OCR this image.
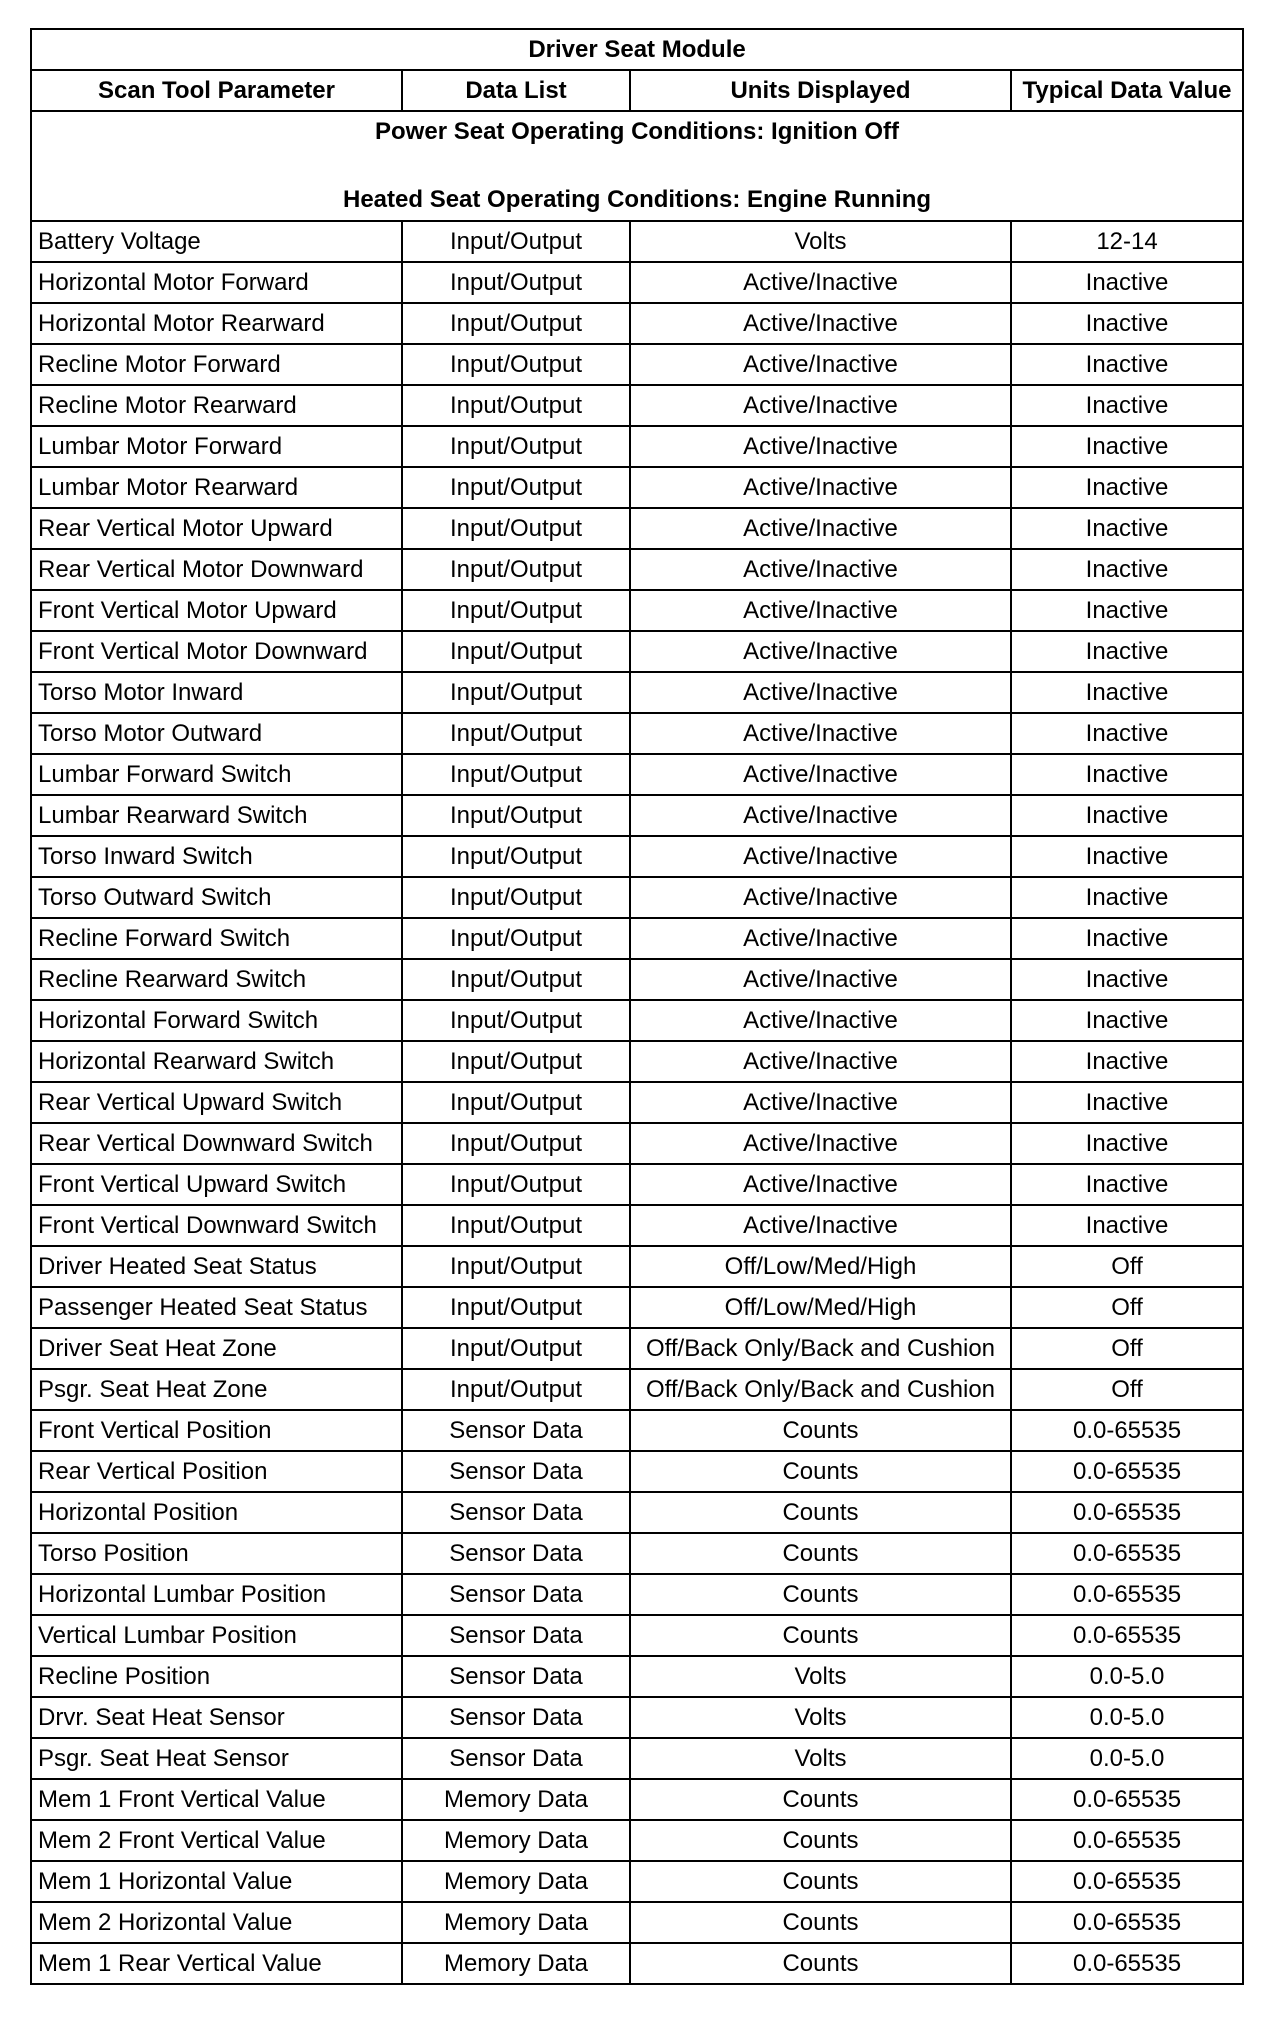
Driver Seat Module			
Scan Tool Parameter	Data List	Units Displayed	Typical Data Value

Power Seat Operating Conditions: Ignition Off
Heated Seat Operating Conditions: Engine Running			

Battery Voltage	Input/Output	Volts	12-14
Horizontal Motor Forward	Input/Output	Active/Inactive	Inactive
Horizontal Motor Rearward	Input/Output	Active/Inactive	Inactive
Recline Motor Forward	Input/Output	Active/Inactive	Inactive
Recline Motor Rearward	Input/Output	Active/Inactive	Inactive
Lumbar Motor Forward	Input/Output	Active/Inactive	Inactive
Lumbar Motor Rearward	Input/Output	Active/Inactive	Inactive
Rear Vertical Motor Upward	Input/Output	Active/Inactive	Inactive
Rear Vertical Motor Downward	Input/Output	Active/Inactive	Inactive
Front Vertical Motor Upward	Input/Output	Active/Inactive	Inactive
Front Vertical Motor Downward	Input/Output	Active/Inactive	Inactive
Torso Motor Inward	Input/Output	Active/Inactive	Inactive
Torso Motor Outward	Input/Output	Active/Inactive	Inactive
Lumbar Forward Switch	Input/Output	Active/Inactive	Inactive
Lumbar Rearward Switch	Input/Output	Active/Inactive	Inactive
Torso Inward Switch	Input/Output	Active/Inactive	Inactive
Torso Outward Switch	Input/Output	Active/Inactive	Inactive
Recline Forward Switch	Input/Output	Active/Inactive	Inactive
Recline Rearward Switch	Input/Output	Active/Inactive	Inactive
Horizontal Forward Switch	Input/Output	Active/Inactive	Inactive
Horizontal Rearward Switch	Input/Output	Active/Inactive	Inactive
Rear Vertical Upward Switch	Input/Output	Active/Inactive	Inactive
Rear Vertical Downward Switch	Input/Output	Active/Inactive	Inactive
Front Vertical Upward Switch	Input/Output	Active/Inactive	Inactive
Front Vertical Downward Switch	Input/Output	Active/Inactive	Inactive
Driver Heated Seat Status	Input/Output	Off/Low/Med/High	Off
Passenger Heated Seat Status	Input/Output	Off/Low/Med/High	Off
Driver Seat Heat Zone	Input/Output	Off/Back Only/Back and Cushion	Off
Psgr. Seat Heat Zone	Input/Output	Off/Back Only/Back and Cushion	Off
Front Vertical Position	Sensor Data	Counts	0.0-65535
Rear Vertical Position	Sensor Data	Counts	0.0-65535
Horizontal Position	Sensor Data	Counts	0.0-65535
Torso Position	Sensor Data	Counts	0.0-65535
Horizontal Lumbar Position	Sensor Data	Counts	0.0-65535
Vertical Lumbar Position	Sensor Data	Counts	0.0-65535
Recline Position	Sensor Data	Volts	0.0-5.0
Drvr. Seat Heat Sensor	Sensor Data	Volts	0.0-5.0
Psgr. Seat Heat Sensor	Sensor Data	Volts	0.0-5.0
Mem 1 Front Vertical Value	Memory Data	Counts	0.0-65535
Mem 2 Front Vertical Value	Memory Data	Counts	0.0-65535
Mem 1 Horizontal Value	Memory Data	Counts	0.0-65535
Mem 2 Horizontal Value	Memory Data	Counts	0.0-65535
Mem 1 Rear Vertical Value	Memory Data	Counts	0.0-65535
